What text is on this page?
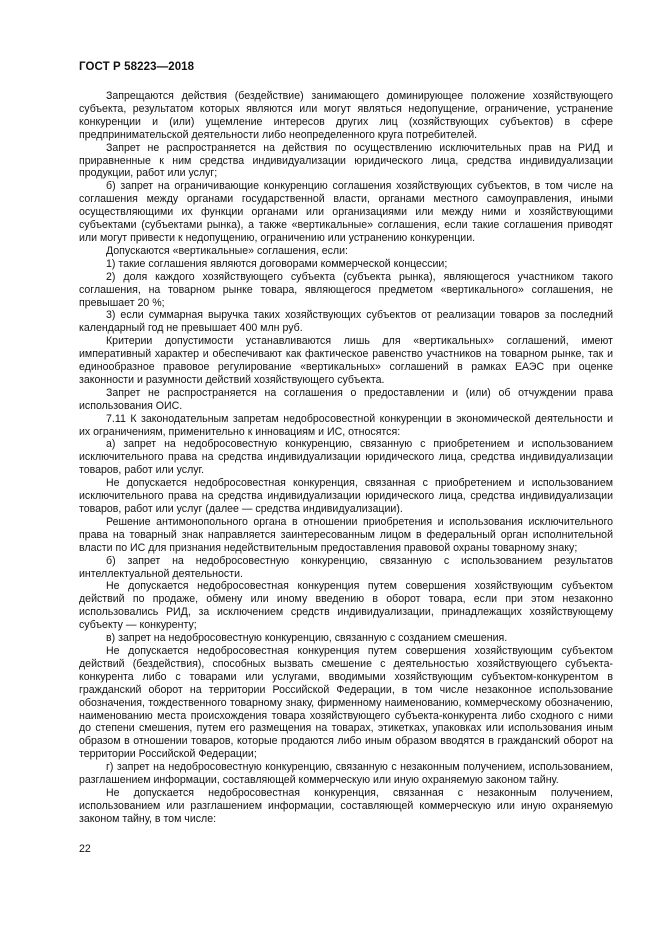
ГОСТ Р 58223—2018

Запрещаются действия (бездействие) занимающего доминирующее положение хозяйствующего субъекта, результатом которых являются или могут являться недопущение, ограничение, устранение конкуренции и (или) ущемление интересов других лиц (хозяйствующих субъектов) в сфере предпринимательской деятельности либо неопределенного круга потребителей.

Запрет не распространяется на действия по осуществлению исключительных прав на РИД и приравненные к ним средства индивидуализации юридического лица, средства индивидуализации продукции, работ или услуг;

б) запрет на ограничивающие конкуренцию соглашения хозяйствующих субъектов, в том числе на соглашения между органами государственной власти, органами местного самоуправления, иными осуществляющими их функции органами или организациями или между ними и хозяйствующими субъектами (субъектами рынка), а также «вертикальные» соглашения, если такие соглашения приводят или могут привести к недопущению, ограничению или устранению конкуренции.

Допускаются «вертикальные» соглашения, если:

1) такие соглашения являются договорами коммерческой концессии;

2) доля каждого хозяйствующего субъекта (субъекта рынка), являющегося участником такого соглашения, на товарном рынке товара, являющегося предметом «вертикального» соглашения, не превышает 20 %;

3) если суммарная выручка таких хозяйствующих субъектов от реализации товаров за последний календарный год не превышает 400 млн руб.

Критерии допустимости устанавливаются лишь для «вертикальных» соглашений, имеют императивный характер и обеспечивают как фактическое равенство участников на товарном рынке, так и единообразное правовое регулирование «вертикальных» соглашений в рамках ЕАЭС при оценке законности и разумности действий хозяйствующего субъекта.

Запрет не распространяется на соглашения о предоставлении и (или) об отчуждении права использования ОИС.

7.11 К законодательным запретам недобросовестной конкуренции в экономической деятельности и их ограничениям, применительно к инновациям и ИС, относятся:

а) запрет на недобросовестную конкуренцию, связанную с приобретением и использованием исключительного права на средства индивидуализации юридического лица, средства индивидуализации товаров, работ или услуг.

Не допускается недобросовестная конкуренция, связанная с приобретением и использованием исключительного права на средства индивидуализации юридического лица, средства индивидуализации товаров, работ или услуг (далее — средства индивидуализации).

Решение антимонопольного органа в отношении приобретения и использования исключительного права на товарный знак направляется заинтересованным лицом в федеральный орган исполнительной власти по ИС для признания недействительным предоставления правовой охраны товарному знаку;

б) запрет на недобросовестную конкуренцию, связанную с использованием результатов интеллектуальной деятельности.

Не допускается недобросовестная конкуренция путем совершения хозяйствующим субъектом действий по продаже, обмену или иному введению в оборот товара, если при этом незаконно использовались РИД, за исключением средств индивидуализации, принадлежащих хозяйствующему субъекту — конкуренту;

в) запрет на недобросовестную конкуренцию, связанную с созданием смешения.

Не допускается недобросовестная конкуренция путем совершения хозяйствующим субъектом действий (бездействия), способных вызвать смешение с деятельностью хозяйствующего субъекта-конкурента либо с товарами или услугами, вводимыми хозяйствующим субъектом-конкурентом в гражданский оборот на территории Российской Федерации, в том числе незаконное использование обозначения, тождественного товарному знаку, фирменному наименованию, коммерческому обозначению, наименованию места происхождения товара хозяйствующего субъекта-конкурента либо сходного с ними до степени смешения, путем его размещения на товарах, этикетках, упаковках или использования иным образом в отношении товаров, которые продаются либо иным образом вводятся в гражданский оборот на территории Российской Федерации;

г) запрет на недобросовестную конкуренцию, связанную с незаконным получением, использованием, разглашением информации, составляющей коммерческую или иную охраняемую законом тайну.

Не допускается недобросовестная конкуренция, связанная с незаконным получением, использованием или разглашением информации, составляющей коммерческую или иную охраняемую законом тайну, в том числе:

22
